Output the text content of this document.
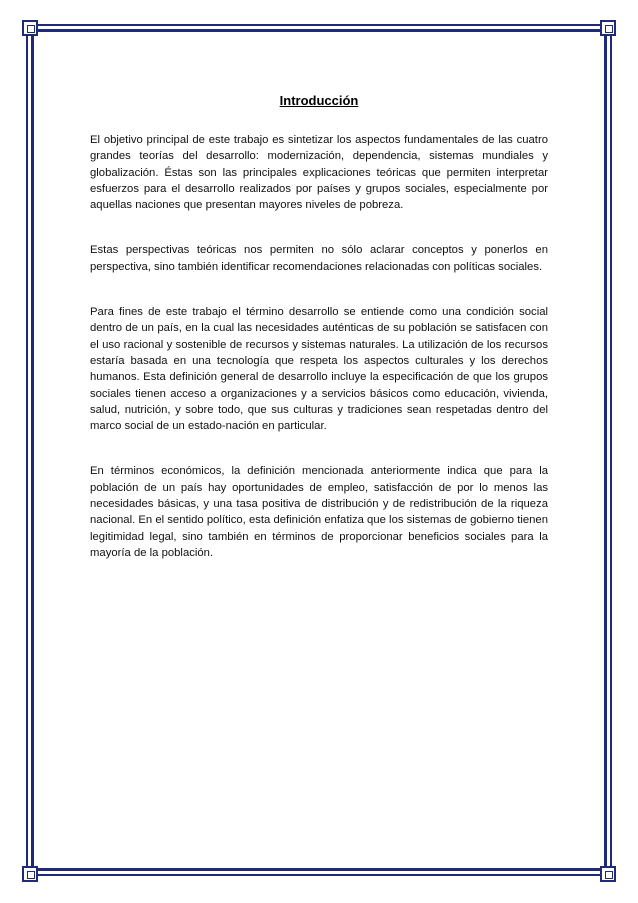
Introducción

El objetivo principal de este trabajo es sintetizar los aspectos fundamentales de las cuatro grandes teorías del desarrollo: modernización, dependencia, sistemas mundiales y globalización. Éstas son las principales explicaciones teóricas que permiten interpretar esfuerzos para el desarrollo realizados por países y grupos sociales, especialmente por aquellas naciones que presentan mayores niveles de pobreza.

Estas perspectivas teóricas nos permiten no sólo aclarar conceptos y ponerlos en perspectiva, sino también identificar recomendaciones relacionadas con políticas sociales.

Para fines de este trabajo el término desarrollo se entiende como una condición social dentro de un país, en la cual las necesidades auténticas de su población se satisfacen con el uso racional y sostenible de recursos y sistemas naturales. La utilización de los recursos estaría basada en una tecnología que respeta los aspectos culturales y los derechos humanos. Esta definición general de desarrollo incluye la especificación de que los grupos sociales tienen acceso a organizaciones y a servicios básicos como educación, vivienda, salud, nutrición, y sobre todo, que sus culturas y tradiciones sean respetadas dentro del marco social de un estado-nación en particular.

En términos económicos, la definición mencionada anteriormente indica que para la población de un país hay oportunidades de empleo, satisfacción de por lo menos las necesidades básicas, y una tasa positiva de distribución y de redistribución de la riqueza nacional. En el sentido político, esta definición enfatiza que los sistemas de gobierno tienen legitimidad legal, sino también en términos de proporcionar beneficios sociales para la mayoría de la población.
